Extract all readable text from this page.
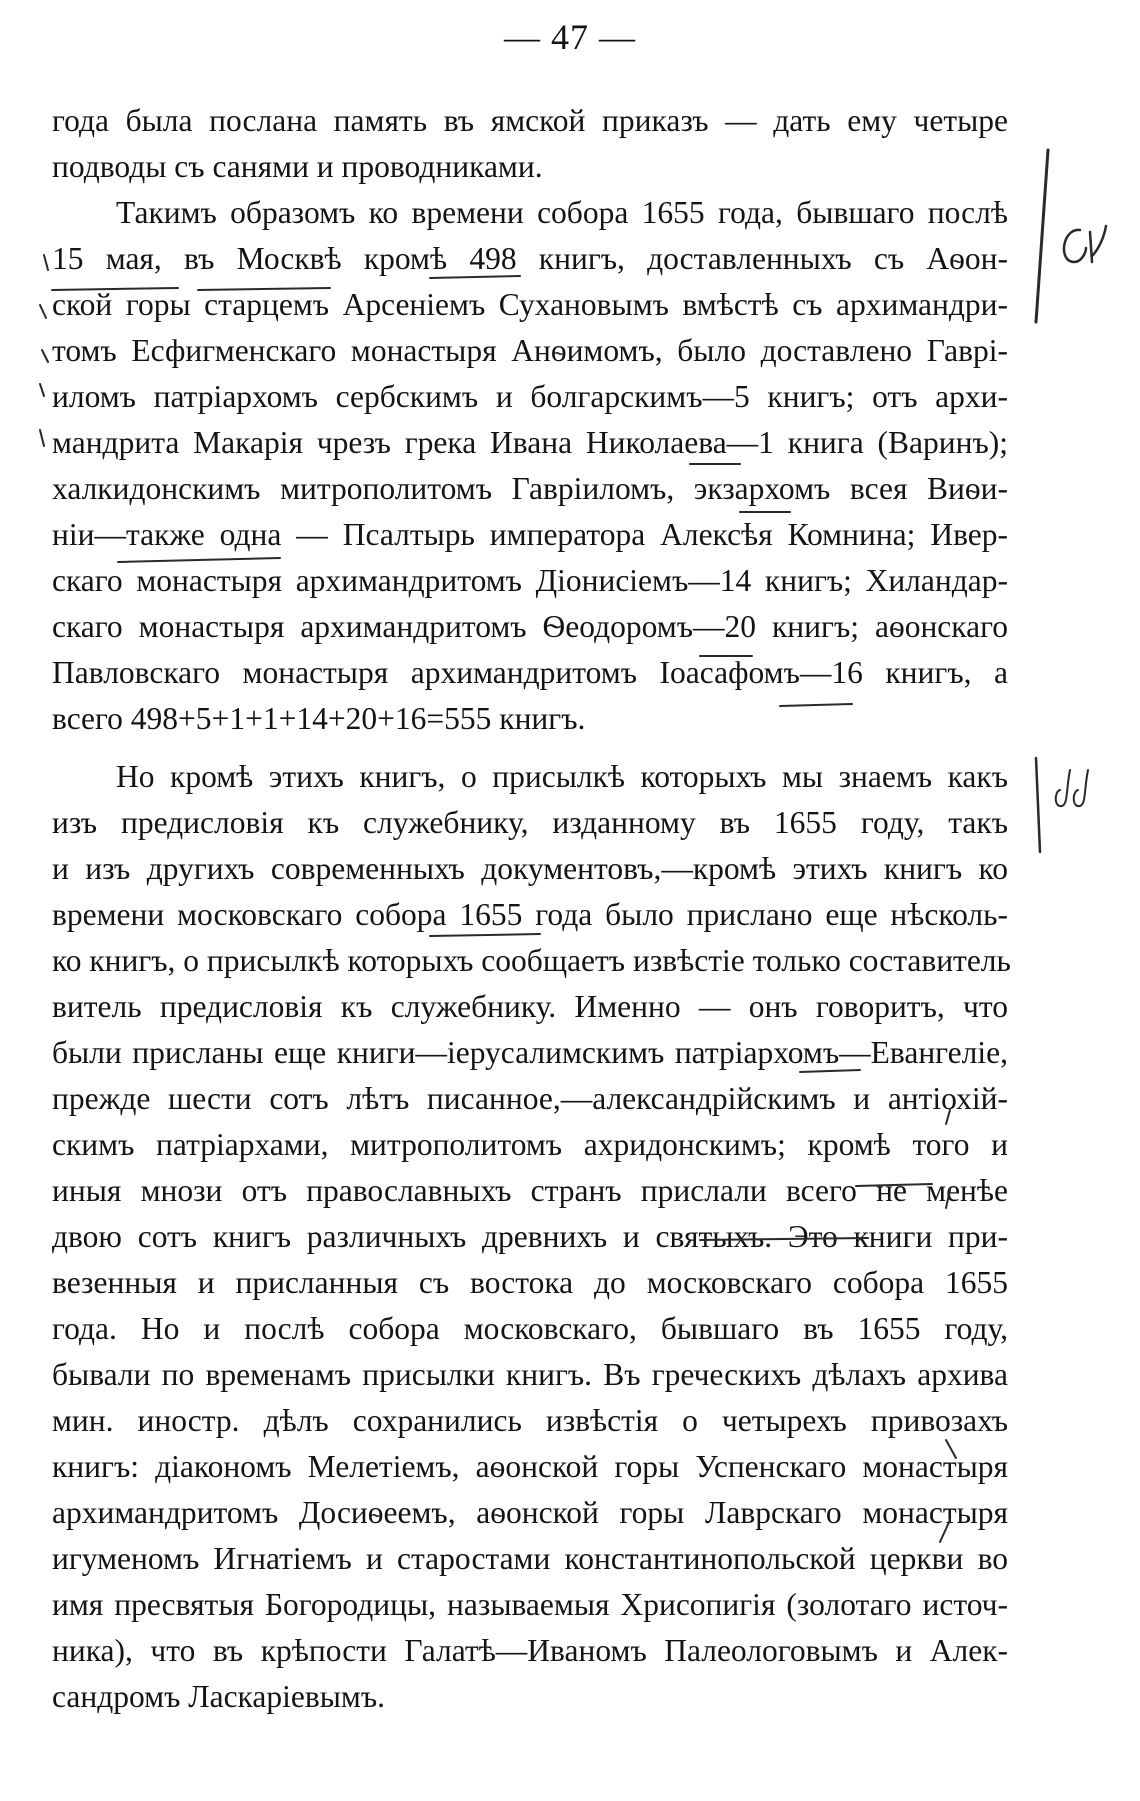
— 47 —
года была послана память въ ямской приказъ — дать ему четыре
подводы съ санями и проводниками.
Такимъ образомъ ко времени собора 1655 года, бывшаго послѣ
15 мая, въ Москвѣ кромѣ 498 книгъ, доставленныхъ съ Аѳон-
ской горы старцемъ Арсеніемъ Сухановымъ вмѣстѣ съ архимандри-
томъ Есфигменскаго монастыря Анѳимомъ, было доставлено Гаврі-
иломъ патріархомъ сербскимъ и болгарскимъ—5 книгъ; отъ архи-
мандрита Макарія чрезъ грека Ивана Николаева—1 книга (Варинъ);
халкидонскимъ митрополитомъ Гавріиломъ, экзархомъ всея Виѳи-
ніи—также одна — Псалтырь императора Алексѣя Комнина; Ивер-
скаго монастыря архимандритомъ Діонисіемъ—14 книгъ; Хиландар-
скаго монастыря архимандритомъ Ѳеодоромъ—20 книгъ; аѳонскаго
Павловскаго монастыря архимандритомъ Іоасафомъ—16 книгъ, а
всего 498+5+1+1+14+20+16=555 книгъ.
Но кромѣ этихъ книгъ, о присылкѣ которыхъ мы знаемъ какъ
изъ предисловія къ служебнику, изданному въ 1655 году, такъ
и изъ другихъ современныхъ документовъ,—кромѣ этихъ книгъ ко
времени московскаго собора 1655 года было прислано еще нѣсколь-
ко книгъ, о присылкѣ которыхъ сообщаетъ извѣстіе только составитель
витель предисловія къ служебнику. Именно — онъ говоритъ, что
были присланы еще книги—іерусалимскимъ патріархомъ—Евангеліе,
прежде шести сотъ лѣтъ писанное,—александрійскимъ и антіохій-
скимъ патріархами, митрополитомъ ахридонскимъ; кромѣ того и
иныя мнози отъ православныхъ странъ прислали всего не менѣе
двою сотъ книгъ различныхъ древнихъ и святыхъ. Это книги при-
везенныя и присланныя съ востока до московскаго собора 1655
года. Но и послѣ собора московскаго, бывшаго въ 1655 году,
бывали по временамъ присылки книгъ. Въ греческихъ дѣлахъ архива
мин. иностр. дѣлъ сохранились извѣстія о четырехъ привозахъ
книгъ: діакономъ Мелетіемъ, аѳонской горы Успенскаго монастыря
архимандритомъ Досиѳеемъ, аѳонской горы Лаврскаго монастыря
игуменомъ Игнатіемъ и старостами константинопольской церкви во
имя пресвятыя Богородицы, называемыя Хрисопигія (золотаго источ-
ника), что въ крѣпости Галатѣ—Иваномъ Палеологовымъ и Алек-
сандромъ Ласкаріевымъ.
